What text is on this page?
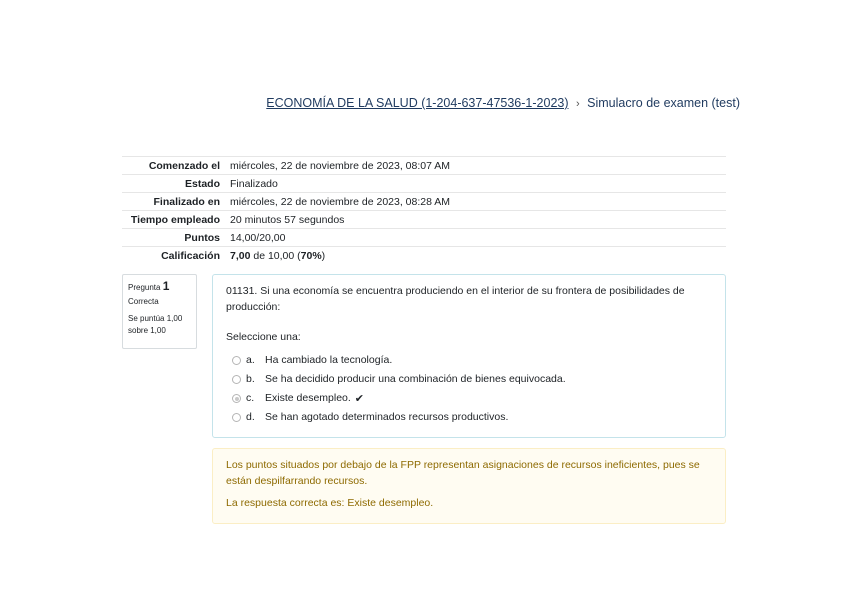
ECONOMÍA DE LA SALUD (1-204-637-47536-1-2023) › Simulacro de examen (test)
Comenzado el	miércoles, 22 de noviembre de 2023, 08:07 AM
Estado	Finalizado
Finalizado en	miércoles, 22 de noviembre de 2023, 08:28 AM
Tiempo empleado	20 minutos 57 segundos
Puntos	14,00/20,00
Calificación	7,00 de 10,00 (70%)
Pregunta 1
Correcta
Se puntúa 1,00
sobre 1,00
01131. Si una economía se encuentra produciendo en el interior de su frontera de posibilidades de producción:
Seleccione una:
a. Ha cambiado la tecnología.
b. Se ha decidido producir una combinación de bienes equivocada.
c.	Existe desempleo. ✔
d. Se han agotado determinados recursos productivos.
Los puntos situados por debajo de la FPP representan asignaciones de recursos ineficientes, pues se están despilfarrando recursos.
La respuesta correcta es: Existe desempleo.
